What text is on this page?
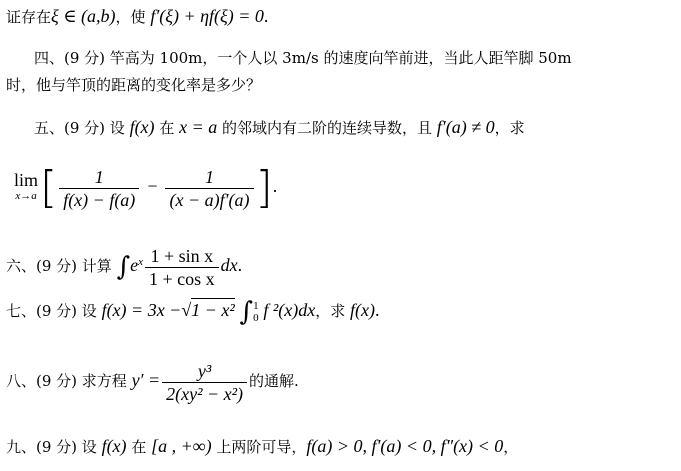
证存在ξ ∈ (a,b)，使 f′(ξ) + ηf(ξ) = 0.
四、(9 分) 竿高为 100m，一个人以 3m/s 的速度向竿前进，当此人距竿脚 50m
时，他与竿顶的距离的变化率是多少？
五、(9 分) 设 f(x) 在 x = a 的邻域内有二阶的连续导数，且 f′(a) ≠ 0，求
lim
x→a [ $\frac{1}{f(x) - f(a)} - \frac{1}{(x - a)f'(a)}$ ].
六、(9 分) 计算 $\int e^x \frac{\text{1 + sin x}}{\text{1 + cos x}}$ dx.
七、(9 分) 设 f(x) = 3x −√1 − x² ∫ 1
0 f ²(x)dx，求 f(x).
八、(9 分) 求方程 $y' = \frac{\text{y³}}{\text{2(xy² − x²)}}$ 的通解.
九、(9 分) 设 f(x) 在 [a , +∞) 上两阶可导，f(a) > 0, f′(a) < 0, f″(x) < 0，
